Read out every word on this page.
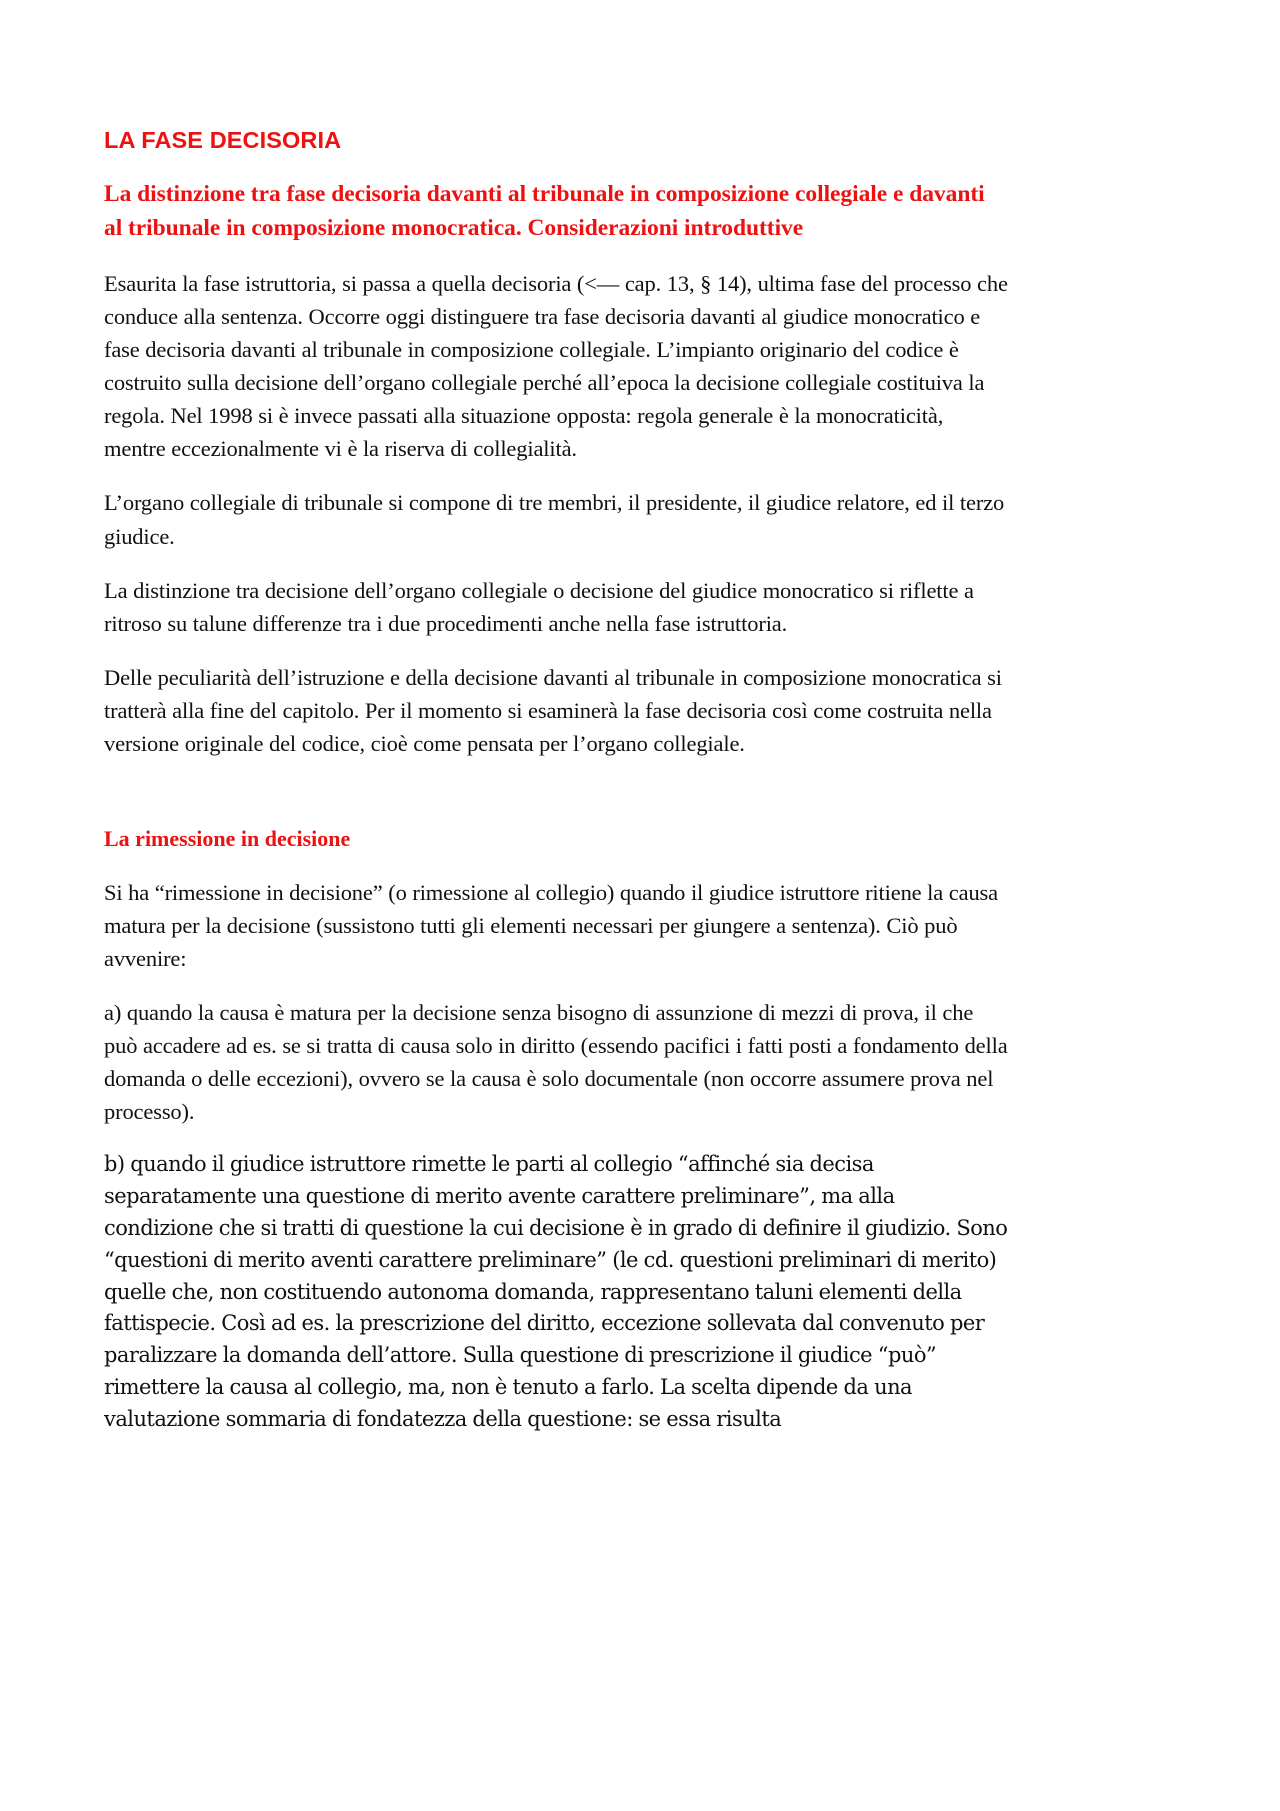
LA FASE DECISORIA
La distinzione tra fase decisoria davanti al tribunale in composizione collegiale e davanti al tribunale in composizione monocratica. Considerazioni introduttive

Esaurita la fase istruttoria, si passa a quella decisoria (<— cap. 13, § 14), ultima fase del processo che conduce alla sentenza. Occorre oggi distinguere tra fase decisoria davanti al giudice monocratico e fase decisoria davanti al tribunale in composizione collegiale. L’impianto originario del codice è costruito sulla decisione dell’organo collegiale perché all’epoca la decisione collegiale costituiva la regola. Nel 1998 si è invece passati alla situazione opposta: regola generale è la monocraticità, mentre eccezionalmente vi è la riserva di collegialità.

L’organo collegiale di tribunale si compone di tre membri, il presidente, il giudice relatore, ed il terzo giudice.

La distinzione tra decisione dell’organo collegiale o decisione del giudice monocratico si riflette a ritroso su talune differenze tra i due procedimenti anche nella fase istruttoria.

Delle peculiarità dell’istruzione e della decisione davanti al tribunale in composizione monocratica si tratterà alla fine del capitolo. Per il momento si esaminerà la fase decisoria così come costruita nella versione originale del codice, cioè come pensata per l’organo collegiale.

La rimessione in decisione

Si ha “rimessione in decisione” (o rimessione al collegio) quando il giudice istruttore ritiene la causa matura per la decisione (sussistono tutti gli elementi necessari per giungere a sentenza). Ciò può avvenire:

a) quando la causa è matura per la decisione senza bisogno di assunzione di mezzi di prova, il che può accadere ad es. se si tratta di causa solo in diritto (essendo pacifici i fatti posti a fondamento della domanda o delle eccezioni), ovvero se la causa è solo documentale (non occorre assumere prova nel processo).

b) quando il giudice istruttore rimette le parti al collegio “affinché sia decisa separatamente una questione di merito avente carattere preliminare”, ma alla condizione che si tratti di questione la cui decisione è in grado di definire il giudizio. Sono “questioni di merito aventi carattere preliminare” (le cd. questioni preliminari di merito) quelle che, non costituendo autonoma domanda, rappresentano taluni elementi della fattispecie. Così ad es. la prescrizione del diritto, eccezione sollevata dal convenuto per paralizzare la domanda dell’attore. Sulla questione di prescrizione il giudice “può” rimettere la causa al collegio, ma, non è tenuto a farlo. La scelta dipende da una valutazione sommaria di fondatezza della questione: se essa risulta
